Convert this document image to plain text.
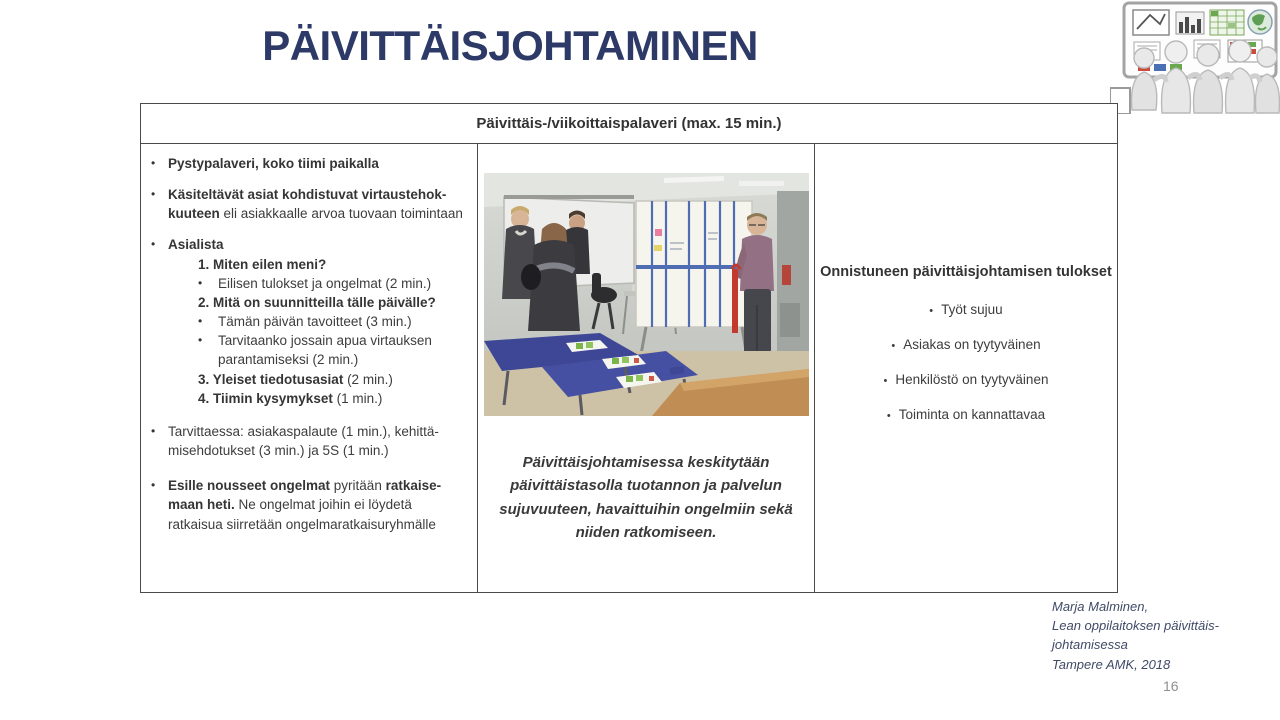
PÄIVITTÄISJOHTAMINEN
Päivittäis-/viikoittaispalaveri (max. 15 min.)
• Pystypalaveri, koko tiimi paikalla
• Käsiteltävät asiat kohdistuvat virtaustehokkuuteen eli asiakkaalle arvoa tuovaan toimintaan
• Asialista
1. Miten eilen meni?
•	Eilisen tulokset ja ongelmat (2 min.)
2. Mitä on suunnitteilla tälle päivälle?
•	Tämän päivän tavoitteet (3 min.)
•	Tarvitaanko jossain apua virtauksen parantamiseksi (2 min.)
3. Yleiset tiedotusasiat (2 min.)
4. Tiimin kysymykset (1 min.)
• Tarvittaessa: asiakaspalaute (1 min.), kehittämisehdotukset (3 min.) ja 5S (1 min.)
• Esille nousseet ongelmat pyritään ratkaisemaan heti. Ne ongelmat joihin ei löydetä ratkaisua siirretään ongelmaratkaisuryhmälle
Päivittäisjohtamisessa keskitytään päivittäistasolla tuotannon ja palvelun sujuvuuteen, havaittuihin ongelmiin sekä niiden ratkomiseen.
Onnistuneen päivittäisjohtamisen tulokset
• Työt sujuu
• Asiakas on tyytyväinen
• Henkilöstö on tyytyväinen
• Toiminta on kannattavaa
Marja Malminen,
Lean oppilaitoksen päivittäis-
johtamisessa
Tampere AMK, 2018
16
